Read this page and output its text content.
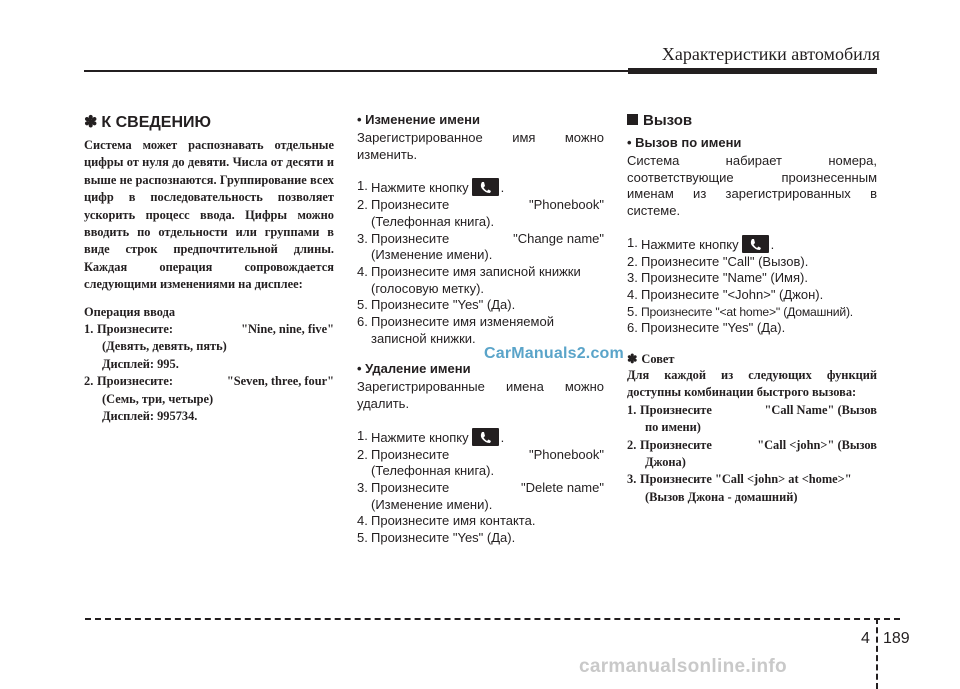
Характеристики автомобиля
✽ К СВЕДЕНИЮ

Система может распознавать отдельные цифры от нуля до девяти. Числа от десяти и выше не распознаются. Группирование всех цифр в последовательность позволяет ускорить процесс ввода. Цифры можно вводить по отдельности или группами в виде строк предпочтительной длины. Каждая операция сопровождается следующими изменениями на дисплее:

Операция ввода
1. Произнесите:	"Nine, nine, five"
(Девять, девять, пять)
Дисплей: 995.
2. Произнесите:	"Seven, three, four"
(Семь, три, четыре)
Дисплей: 995734.
• Изменение имени

Зарегистрированное имя можно изменить.

1. Нажмите кнопку .
2. Произнесите	"Phonebook"
(Телефонная книга).
3. Произнесите	"Change name"
(Изменение имени).
4. Произнесите имя записной книжки
(голосовую метку).
5. Произнесите "Yes" (Да).
6. Произнесите имя изменяемой
записной книжки.
• Удаление имени

Зарегистрированные имена можно удалить.

1. Нажмите кнопку .
2. Произнесите	"Phonebook"
(Телефонная книга).
3. Произнесите	"Delete name"
(Изменение имени).
4. Произнесите имя контакта.
5. Произнесите "Yes" (Да).
Вызов
• Вызов по имени

Система набирает номера, соответствующие произнесенным именам из зарегистрированных в системе.

1. Нажмите кнопку .
2. Произнесите "Call" (Вызов).
3. Произнесите "Name" (Имя).
4. Произнесите "<John>" (Джон).
5. Произнесите "<at home>" (Домашний).
6. Произнесите "Yes" (Да).
✽ Совет

Для каждой из следующих функций доступны комбинации быстрого вызова:

1. Произнесите	"Call Name" (Вызов
по имени)
2. Произнесите	"Call <john>" (Вызов
Джона)
3. Произнесите "Call <john> at <home>"
(Вызов Джона - домашний)
CarManuals2.com
carmanualsonline.info
4 189
